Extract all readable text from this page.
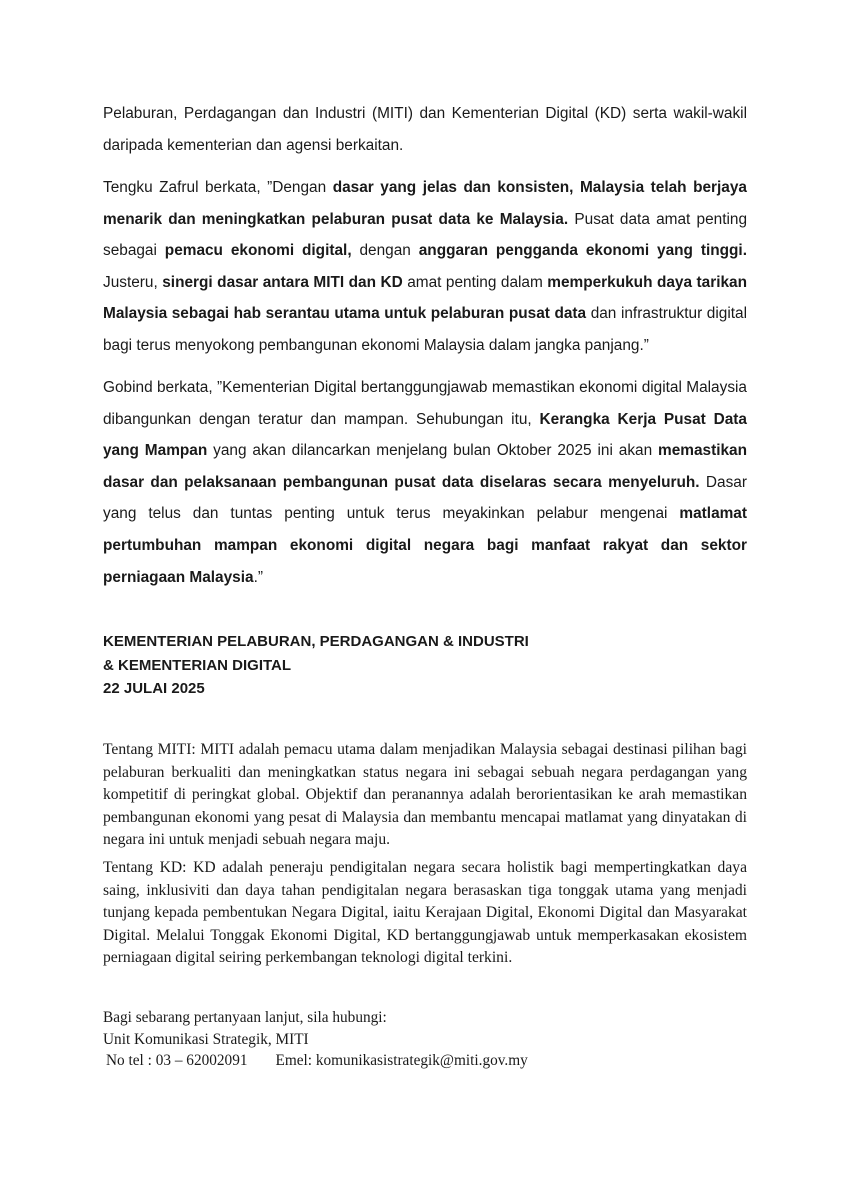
Pelaburan, Perdagangan dan Industri (MITI) dan Kementerian Digital (KD) serta wakil-wakil daripada kementerian dan agensi berkaitan.

Tengku Zafrul berkata, ”Dengan dasar yang jelas dan konsisten, Malaysia telah berjaya menarik dan meningkatkan pelaburan pusat data ke Malaysia. Pusat data amat penting sebagai pemacu ekonomi digital, dengan anggaran pengganda ekonomi yang tinggi. Justeru, sinergi dasar antara MITI dan KD amat penting dalam memperkukuh daya tarikan Malaysia sebagai hab serantau utama untuk pelaburan pusat data dan infrastruktur digital bagi terus menyokong pembangunan ekonomi Malaysia dalam jangka panjang.”

Gobind berkata, ”Kementerian Digital bertanggungjawab memastikan ekonomi digital Malaysia dibangunkan dengan teratur dan mampan. Sehubungan itu, Kerangka Kerja Pusat Data yang Mampan yang akan dilancarkan menjelang bulan Oktober 2025 ini akan memastikan dasar dan pelaksanaan pembangunan pusat data diselaras secara menyeluruh. Dasar yang telus dan tuntas penting untuk terus meyakinkan pelabur mengenai matlamat pertumbuhan mampan ekonomi digital negara bagi manfaat rakyat dan sektor perniagaan Malaysia.”

KEMENTERIAN PELABURAN, PERDAGANGAN & INDUSTRI
& KEMENTERIAN DIGITAL
22 JULAI 2025

Tentang MITI: MITI adalah pemacu utama dalam menjadikan Malaysia sebagai destinasi pilihan bagi pelaburan berkualiti dan meningkatkan status negara ini sebagai sebuah negara perdagangan yang kompetitif di peringkat global. Objektif dan peranannya adalah berorientasikan ke arah memastikan pembangunan ekonomi yang pesat di Malaysia dan membantu mencapai matlamat yang dinyatakan di negara ini untuk menjadi sebuah negara maju.

Tentang KD: KD adalah peneraju pendigitalan negara secara holistik bagi mempertingkatkan daya saing, inklusiviti dan daya tahan pendigitalan negara berasaskan tiga tonggak utama yang menjadi tunjang kepada pembentukan Negara Digital, iaitu Kerajaan Digital, Ekonomi Digital dan Masyarakat Digital. Melalui Tonggak Ekonomi Digital, KD bertanggungjawab untuk memperkasakan ekosistem perniagaan digital seiring perkembangan teknologi digital terkini.

Bagi sebarang pertanyaan lanjut, sila hubungi:
Unit Komunikasi Strategik, MITI
No tel : 03 – 62002091 Emel: komunikasistrategik@miti.gov.my
